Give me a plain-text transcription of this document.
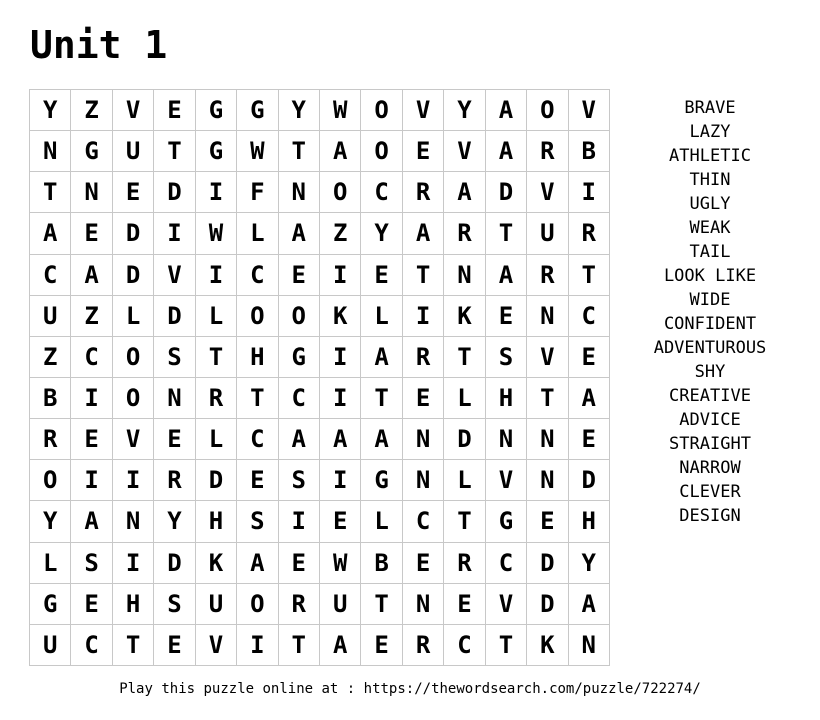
Unit 1
Y	Z	V	E	G	G	Y	W	O	V	Y	A	O	V
N	G	U	T	G	W	T	A	O	E	V	A	R	B
T	N	E	D	I	F	N	O	C	R	A	D	V	I
A	E	D	I	W	L	A	Z	Y	A	R	T	U	R
C	A	D	V	I	C	E	I	E	T	N	A	R	T
U	Z	L	D	L	O	O	K	L	I	K	E	N	C
Z	C	O	S	T	H	G	I	A	R	T	S	V	E
B	I	O	N	R	T	C	I	T	E	L	H	T	A
R	E	V	E	L	C	A	A	A	N	D	N	N	E
O	I	I	R	D	E	S	I	G	N	L	V	N	D
Y	A	N	Y	H	S	I	E	L	C	T	G	E	H
L	S	I	D	K	A	E	W	B	E	R	C	D	Y
G	E	H	S	U	O	R	U	T	N	E	V	D	A
U	C	T	E	V	I	T	A	E	R	C	T	K	N
BRAVE
LAZY
ATHLETIC
THIN
UGLY
WEAK
TAIL
LOOK LIKE
WIDE
CONFIDENT
ADVENTUROUS
SHY
CREATIVE
ADVICE
STRAIGHT
NARROW
CLEVER
DESIGN
Play this puzzle online at : https://thewordsearch.com/puzzle/722274/
